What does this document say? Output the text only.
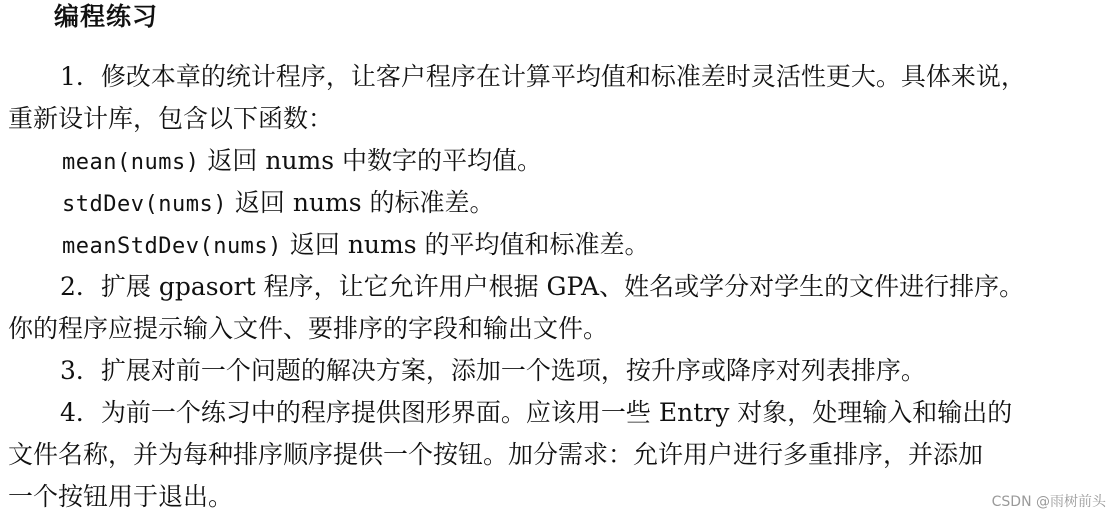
编程练习
1．修改本章的统计程序，让客户程序在计算平均值和标准差时灵活性更大。具体来说，
重新设计库，包含以下函数：
mean(nums) 返回 nums 中数字的平均值。
stdDev(nums) 返回 nums 的标准差。
meanStdDev(nums) 返回 nums 的平均值和标准差。
2．扩展 gpasort 程序，让它允许用户根据 GPA、姓名或学分对学生的文件进行排序。
你的程序应提示输入文件、要排序的字段和输出文件。
3．扩展对前一个问题的解决方案，添加一个选项，按升序或降序对列表排序。
4．为前一个练习中的程序提供图形界面。应该用一些 Entry 对象，处理输入和输出的
文件名称，并为每种排序顺序提供一个按钮。加分需求：允许用户进行多重排序，并添加
一个按钮用于退出。	CSDN @雨树前头
